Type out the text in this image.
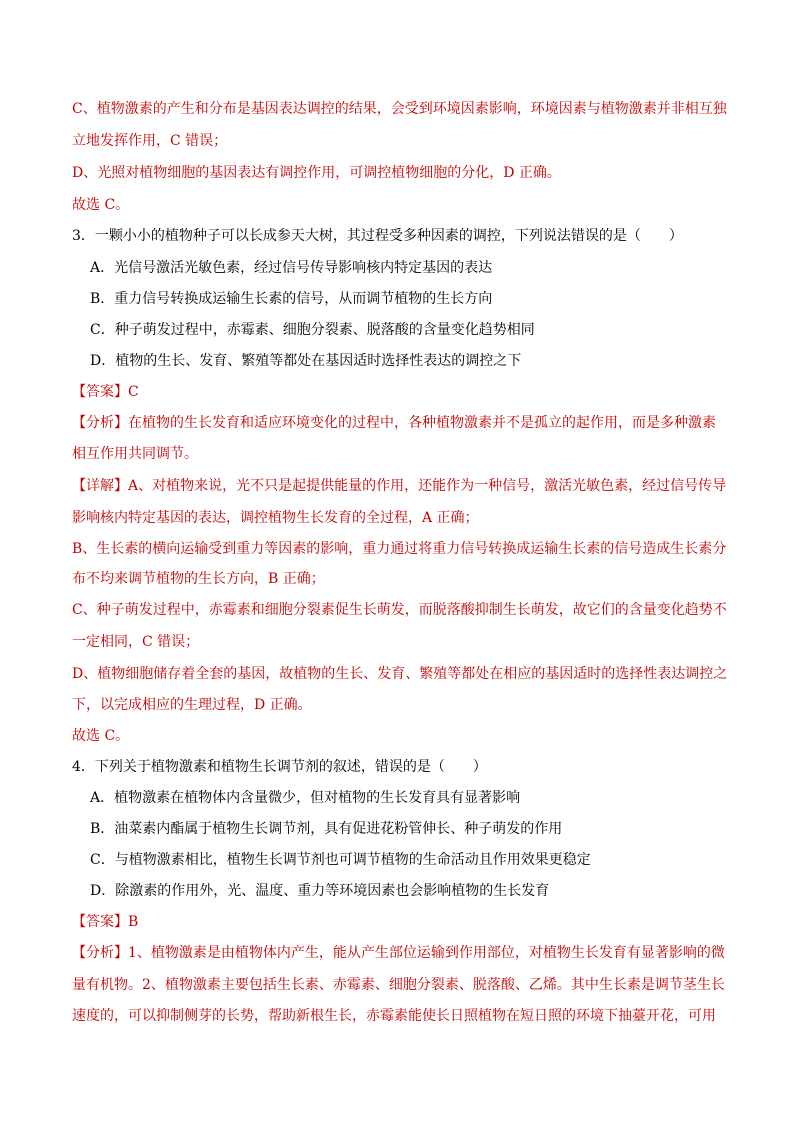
C、植物激素的产生和分布是基因表达调控的结果，会受到环境因素影响，环境因素与植物激素并非相互独
立地发挥作用，C 错误；
D、光照对植物细胞的基因表达有调控作用，可调控植物细胞的分化，D 正确。
故选 C。
3．一颗小小的植物种子可以长成参天大树，其过程受多种因素的调控，下列说法错误的是（　　）
A．光信号激活光敏色素，经过信号传导影响核内特定基因的表达
B．重力信号转换成运输生长素的信号，从而调节植物的生长方向
C．种子萌发过程中，赤霉素、细胞分裂素、脱落酸的含量变化趋势相同
D．植物的生长、发育、繁殖等都处在基因适时选择性表达的调控之下
【答案】C
【分析】在植物的生长发育和适应环境变化的过程中，各种植物激素并不是孤立的起作用，而是多种激素
相互作用共同调节。
【详解】A、对植物来说，光不只是起提供能量的作用，还能作为一种信号，激活光敏色素，经过信号传导
影响核内特定基因的表达，调控植物生长发育的全过程，A 正确；
B、生长素的横向运输受到重力等因素的影响，重力通过将重力信号转换成运输生长素的信号造成生长素分
布不均来调节植物的生长方向，B 正确；
C、种子萌发过程中，赤霉素和细胞分裂素促生长萌发，而脱落酸抑制生长萌发，故它们的含量变化趋势不
一定相同，C 错误；
D、植物细胞储存着全套的基因，故植物的生长、发育、繁殖等都处在相应的基因适时的选择性表达调控之
下，以完成相应的生理过程，D 正确。
故选 C。
4．下列关于植物激素和植物生长调节剂的叙述，错误的是（　　）
A．植物激素在植物体内含量微少，但对植物的生长发育具有显著影响
B．油菜素内酯属于植物生长调节剂，具有促进花粉管伸长、种子萌发的作用
C．与植物激素相比，植物生长调节剂也可调节植物的生命活动且作用效果更稳定
D．除激素的作用外，光、温度、重力等环境因素也会影响植物的生长发育
【答案】B
【分析】1、植物激素是由植物体内产生，能从产生部位运输到作用部位，对植物生长发育有显著影响的微
量有机物。2、植物激素主要包括生长素、赤霉素、细胞分裂素、脱落酸、乙烯。其中生长素是调节茎生长
速度的，可以抑制侧芽的长势，帮助新根生长，赤霉素能使长日照植物在短日照的环境下抽薹开花，可用
